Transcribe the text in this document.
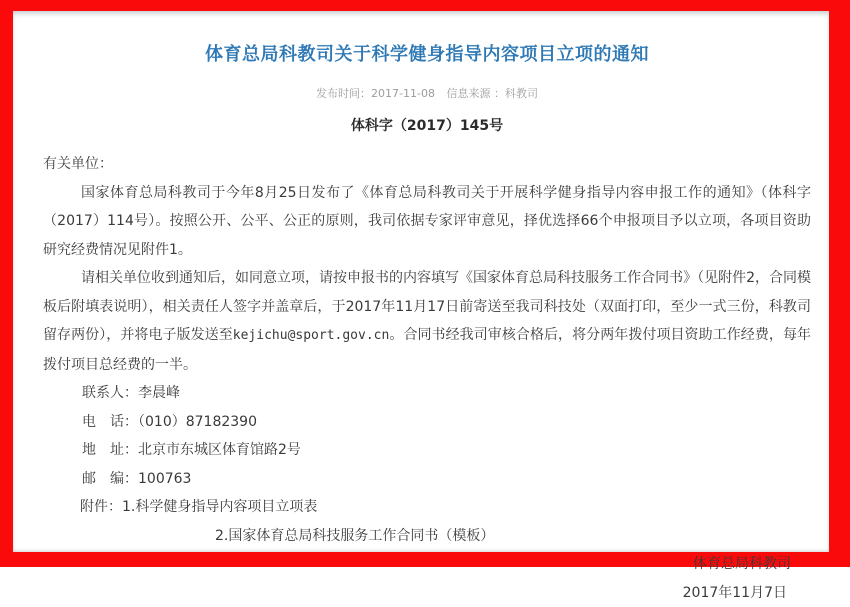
体育总局科教司关于科学健身指导内容项目立项的通知
发布时间：2017-11-08 信息来源 ：科教司
体科字（2017）145号

有关单位：

国家体育总局科教司于今年8月25日发布了《体育总局科教司关于开展科学健身指导内容申报工作的通知》（体科字（2017）114号）。按照公开、公平、公正的原则，我司依据专家评审意见，择优选择66个申报项目予以立项，各项目资助研究经费情况见附件1。

请相关单位收到通知后，如同意立项，请按申报书的内容填写《国家体育总局科技服务工作合同书》（见附件2，合同模板后附填表说明），相关责任人签字并盖章后，于2017年11月17日前寄送至我司科技处（双面打印，至少一式三份，科教司留存两份），并将电子版发送至kejichu@sport.gov.cn。合同书经我司审核合格后，将分两年拨付项目资助工作经费，每年拨付项目总经费的一半。

联系人：李晨峰

电　话：（010）87182390

地　址：北京市东城区体育馆路2号

邮　编：100763

附件：1.科学健身指导内容项目立项表

2.国家体育总局科技服务工作合同书（模板）

体育总局科教司

2017年11月7日
